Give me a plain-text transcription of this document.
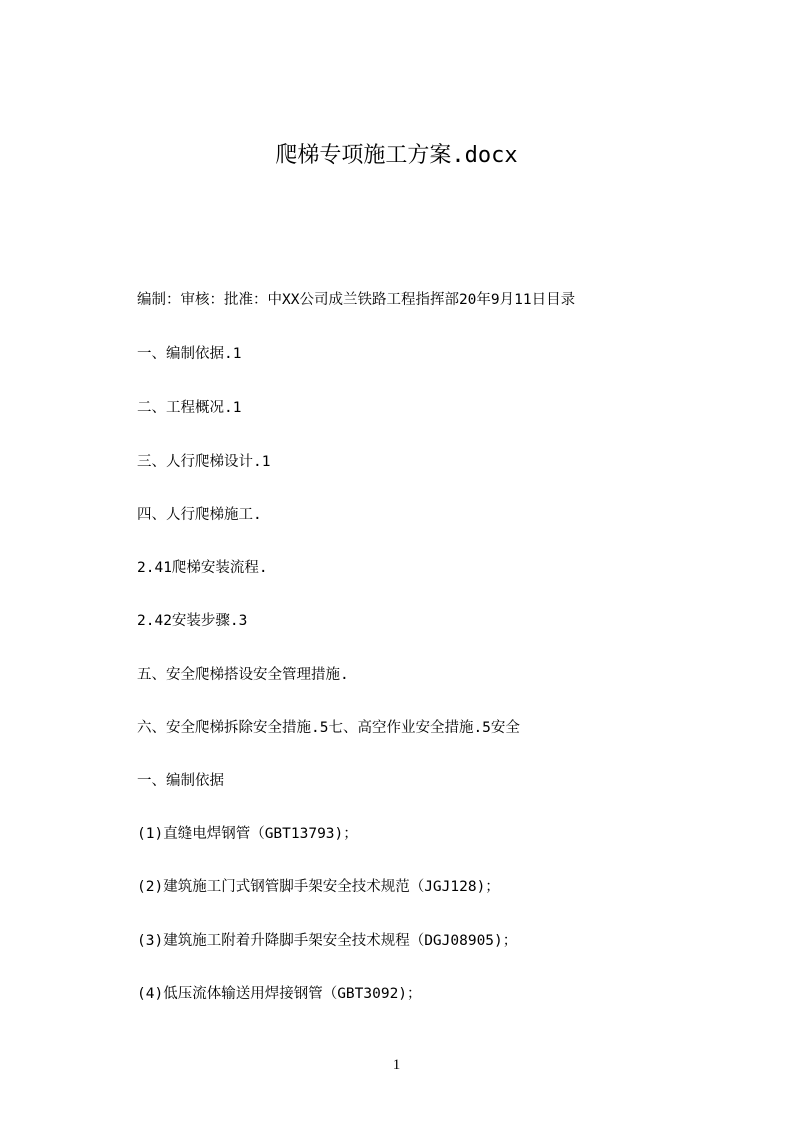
爬梯专项施工方案.docx
编制：审核：批准：中XX公司成兰铁路工程指挥部20年9月11日目录
一、编制依据.1
二、工程概况.1
三、人行爬梯设计.1
四、人行爬梯施工.
2.41爬梯安装流程.
2.42安装步骤.3
五、安全爬梯搭设安全管理措施.
六、安全爬梯拆除安全措施.5七、高空作业安全措施.5安全
一、编制依据
(1)直缝电焊钢管（GBT13793)；
(2)建筑施工门式钢管脚手架安全技术规范（JGJ128)；
(3)建筑施工附着升降脚手架安全技术规程（DGJ08905)；
(4)低压流体输送用焊接钢管（GBT3092)；
1
